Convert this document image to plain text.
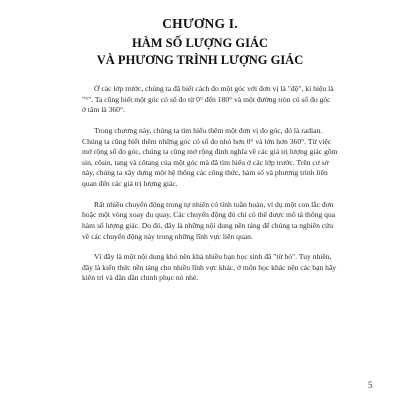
CHƯƠNG I.
HÀM SỐ LƯỢNG GIÁC
VÀ PHƯƠNG TRÌNH LƯỢNG GIÁC

Ở các lớp trước, chúng ta đã biết cách đo một góc với đơn vị là "độ", kí hiệu là
"°". Ta cũng biết một góc có số đo từ 0° đến 180° và một đường tròn có số đo góc
ở tâm là 360°.

Trong chương này, chúng ta tìm hiểu thêm một đơn vị đo góc, đó là radian.
Chúng ta cũng biết thêm những góc có số đo nhỏ hơn 0° và lớn hơn 360°. Từ việc
mở rộng số đo góc, chúng ta cũng mở rộng định nghĩa về các giá trị lượng giác gồm
sin, côsin, tang và côtang của một góc mà đã tìm hiểu ở các lớp trước. Trên cơ sở
này, chúng ta xây dựng một hệ thống các công thức, hàm số và phương trình liên
quan đến các giá trị lượng giác.

Rất nhiều chuyển động trong tự nhiên có tính tuần hoàn, ví dụ một con lắc đơn
hoặc một vòng xoay đu quay. Các chuyển động đó chỉ có thể được mô tả thông qua
hàm số lượng giác. Do đó, đây là những nội dung nền tảng để chúng ta nghiên cứu
về các chuyển động này trong những lĩnh vực liên quan.

Vì đây là một nội dung khó nên khá nhiều bạn học sinh đã "từ bỏ". Tuy nhiên,
đây là kiến thức nền tảng cho nhiều lĩnh vực khác, ở môn học khác nên các bạn hãy
kiên trì và dần dần chinh phục nó nhé.

5
